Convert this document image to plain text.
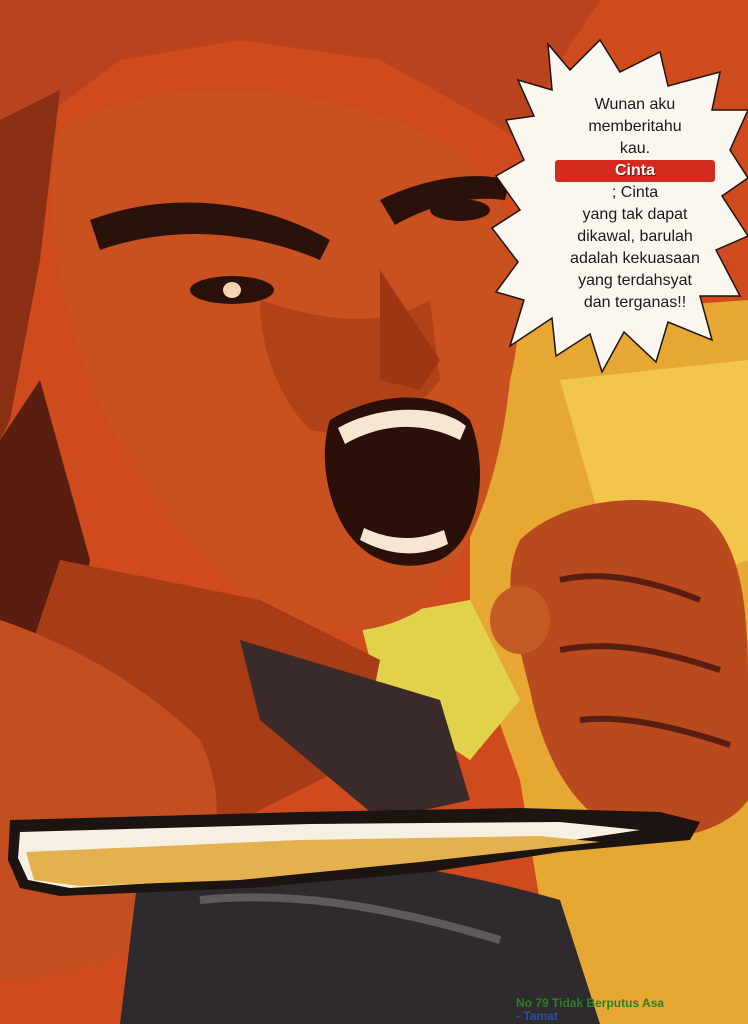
Wunan aku
memberitahu
kau.
Cinta
; Cinta
yang tak dapat
dikawal, barulah
adalah kekuasaan
yang terdahsyat
dan terganas!!
No 79 Tidak Berputus Asa
- Tamat
